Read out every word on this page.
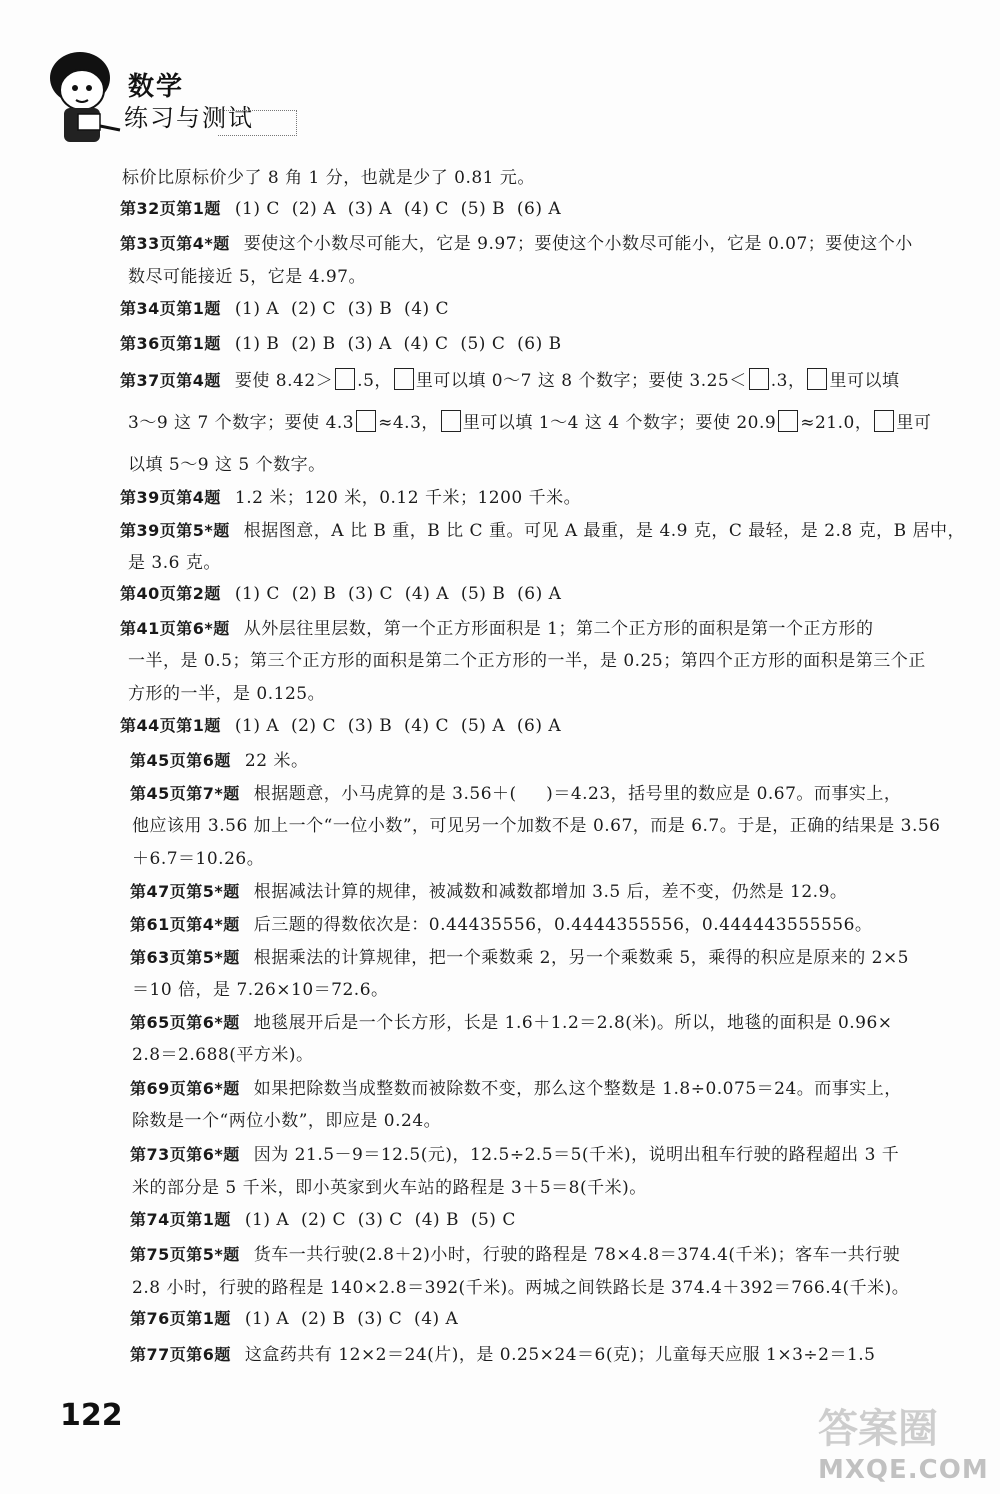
数学
练习与测试
标价比原标价少了 8 角 1 分，也就是少了 0.81 元。
第32页第1题 (1) C  (2) A  (3) A  (4) C  (5) B  (6) A
第33页第4*题 要使这个小数尽可能大，它是 9.97；要使这个小数尽可能小，它是 0.07；要使这个小
数尽可能接近 5，它是 4.97。
第34页第1题 (1) A  (2) C  (3) B  (4) C
第36页第1题 (1) B  (2) B  (3) A  (4) C  (5) C  (6) B
第37页第4题 要使 8.42＞ .5， 里可以填 0～7 这 8 个数字；要使 3.25＜ .3， 里可以填
3～9 这 7 个数字；要使 4.3 ≈4.3， 里可以填 1～4 这 4 个数字；要使 20.9 ≈21.0， 里可
以填 5～9 这 5 个数字。
第39页第4题 1.2 米；120 米，0.12 千米；1200 千米。
第39页第5*题 根据图意，A 比 B 重，B 比 C 重。可见 A 最重，是 4.9 克，C 最轻，是 2.8 克，B 居中，
是 3.6 克。
第40页第2题 (1) C  (2) B  (3) C  (4) A  (5) B  (6) A
第41页第6*题 从外层往里层数，第一个正方形面积是 1；第二个正方形的面积是第一个正方形的
一半，是 0.5；第三个正方形的面积是第二个正方形的一半，是 0.25；第四个正方形的面积是第三个正
方形的一半，是 0.125。
第44页第1题 (1) A  (2) C  (3) B  (4) C  (5) A  (6) A
第45页第6题 22 米。
第45页第7*题 根据题意，小马虎算的是 3.56＋(     )＝4.23，括号里的数应是 0.67。而事实上，
他应该用 3.56 加上一个“一位小数”，可见另一个加数不是 0.67，而是 6.7。于是，正确的结果是 3.56
＋6.7＝10.26。
第47页第5*题 根据减法计算的规律，被减数和减数都增加 3.5 后，差不变，仍然是 12.9。
第61页第4*题 后三题的得数依次是：0.44435556，0.4444355556，0.444443555556。
第63页第5*题 根据乘法的计算规律，把一个乘数乘 2，另一个乘数乘 5，乘得的积应是原来的 2×5
＝10 倍，是 7.26×10＝72.6。
第65页第6*题 地毯展开后是一个长方形，长是 1.6＋1.2＝2.8(米)。所以，地毯的面积是 0.96×
2.8＝2.688(平方米)。
第69页第6*题 如果把除数当成整数而被除数不变，那么这个整数是 1.8÷0.075＝24。而事实上，
除数是一个“两位小数”，即应是 0.24。
第73页第6*题 因为 21.5－9＝12.5(元)，12.5÷2.5＝5(千米)，说明出租车行驶的路程超出 3 千
米的部分是 5 千米，即小英家到火车站的路程是 3＋5＝8(千米)。
第74页第1题 (1) A  (2) C  (3) C  (4) B  (5) C
第75页第5*题 货车一共行驶(2.8＋2)小时，行驶的路程是 78×4.8＝374.4(千米)；客车一共行驶
2.8 小时，行驶的路程是 140×2.8＝392(千米)。两城之间铁路长是 374.4＋392＝766.4(千米)。
第76页第1题 (1) A  (2) B  (3) C  (4) A
第77页第6题 这盒药共有 12×2＝24(片)，是 0.25×24＝6(克)；儿童每天应服 1×3÷2＝1.5
122	答案圈
MXQE.COM
